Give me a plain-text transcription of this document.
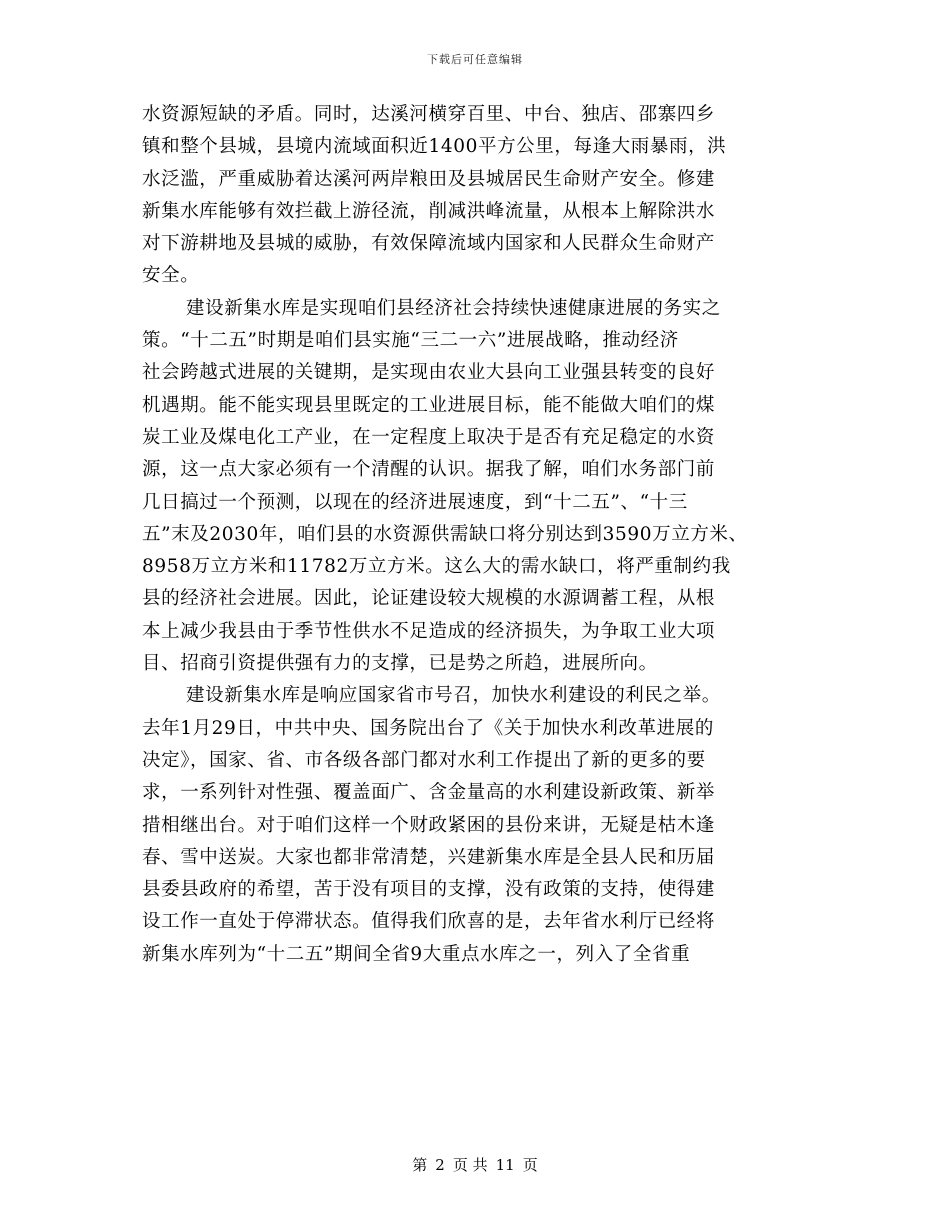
下载后可任意编辑
水资源短缺的矛盾。同时，达溪河横穿百里、中台、独店、邵寨四乡
镇和整个县城，县境内流域面积近1400平方公里，每逢大雨暴雨，洪
水泛滥，严重威胁着达溪河两岸粮田及县城居民生命财产安全。修建
新集水库能够有效拦截上游径流，削减洪峰流量，从根本上解除洪水
对下游耕地及县城的威胁，有效保障流域内国家和人民群众生命财产
安全。
建设新集水库是实现咱们县经济社会持续快速健康进展的务实之
策。“十二五”时期是咱们县实施“三二一六”进展战略，推动经济
社会跨越式进展的关键期，是实现由农业大县向工业强县转变的良好
机遇期。能不能实现县里既定的工业进展目标，能不能做大咱们的煤
炭工业及煤电化工产业，在一定程度上取决于是否有充足稳定的水资
源，这一点大家必须有一个清醒的认识。据我了解，咱们水务部门前
几日搞过一个预测，以现在的经济进展速度，到“十二五”、“十三
五”末及2030年，咱们县的水资源供需缺口将分别达到3590万立方米、
8958万立方米和11782万立方米。这么大的需水缺口，将严重制约我
县的经济社会进展。因此，论证建设较大规模的水源调蓄工程，从根
本上减少我县由于季节性供水不足造成的经济损失，为争取工业大项
目、招商引资提供强有力的支撑，已是势之所趋，进展所向。
建设新集水库是响应国家省市号召，加快水利建设的利民之举。
去年1月29日，中共中央、国务院出台了《关于加快水利改革进展的
决定》，国家、省、市各级各部门都对水利工作提出了新的更多的要
求，一系列针对性强、覆盖面广、含金量高的水利建设新政策、新举
措相继出台。对于咱们这样一个财政紧困的县份来讲，无疑是枯木逢
春、雪中送炭。大家也都非常清楚，兴建新集水库是全县人民和历届
县委县政府的希望，苦于没有项目的支撑，没有政策的支持，使得建
设工作一直处于停滞状态。值得我们欣喜的是，去年省水利厅已经将
新集水库列为“十二五”期间全省9大重点水库之一，列入了全省重
第 2 页 共 11 页
